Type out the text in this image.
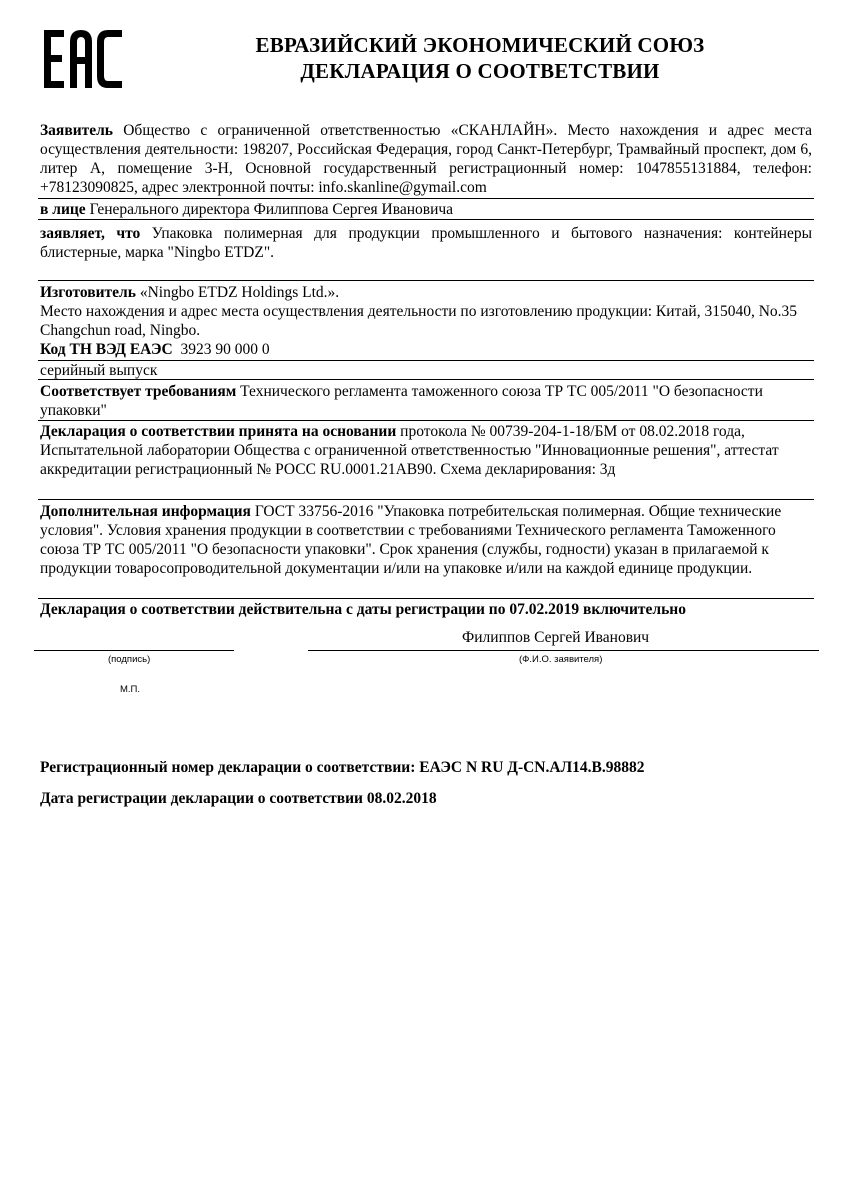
ЕВРАЗИЙСКИЙ ЭКОНОМИЧЕСКИЙ СОЮЗ
ДЕКЛАРАЦИЯ О СООТВЕТСТВИИ
Заявитель Общество с ограниченной ответственностью «СКАНЛАЙН». Место нахождения и адрес места осуществления деятельности: 198207, Российская Федерация, город Санкт-Петербург, Трамвайный проспект, дом 6, литер А, помещение 3-Н, Основной государственный регистрационный номер: 1047855131884, телефон: +78123090825, адрес электронной почты: info.skanline@gymail.com
в лице Генерального директора Филиппова Сергея Ивановича
заявляет, что Упаковка полимерная для продукции промышленного и бытового назначения: контейнеры блистерные, марка "Ningbo ETDZ".
Изготовитель «Ningbo ETDZ Holdings Ltd.».
Место нахождения и адрес места осуществления деятельности по изготовлению продукции: Китай, 315040, No.35 Changchun road, Ningbo.
Код ТН ВЭД ЕАЭС 3923 90 000 0
серийный выпуск
Соответствует требованиям Технического регламента таможенного союза ТР ТС 005/2011 "О безопасности упаковки"
Декларация о соответствии принята на основании протокола № 00739-204-1-18/БМ от 08.02.2018 года, Испытательной лаборатории Общества с ограниченной ответственностью "Инновационные решения", аттестат аккредитации регистрационный № РОСС RU.0001.21АВ90. Схема декларирования: 3д
Дополнительная информация ГОСТ 33756-2016 "Упаковка потребительская полимерная. Общие технические условия". Условия хранения продукции в соответствии с требованиями Технического регламента Таможенного союза ТР ТС 005/2011 "О безопасности упаковки". Срок хранения (службы, годности) указан в прилагаемой к продукции товаросопроводительной документации и/или на упаковке и/или на каждой единице продукции.
Декларация о соответствии действительна с даты регистрации по 07.02.2019 включительно
Филиппов Сергей Иванович
(подпись)	(Ф.И.О. заявителя)
М.П.
Регистрационный номер декларации о соответствии: ЕАЭС N RU Д-CN.АЛ14.В.98882
Дата регистрации декларации о соответствии 08.02.2018
